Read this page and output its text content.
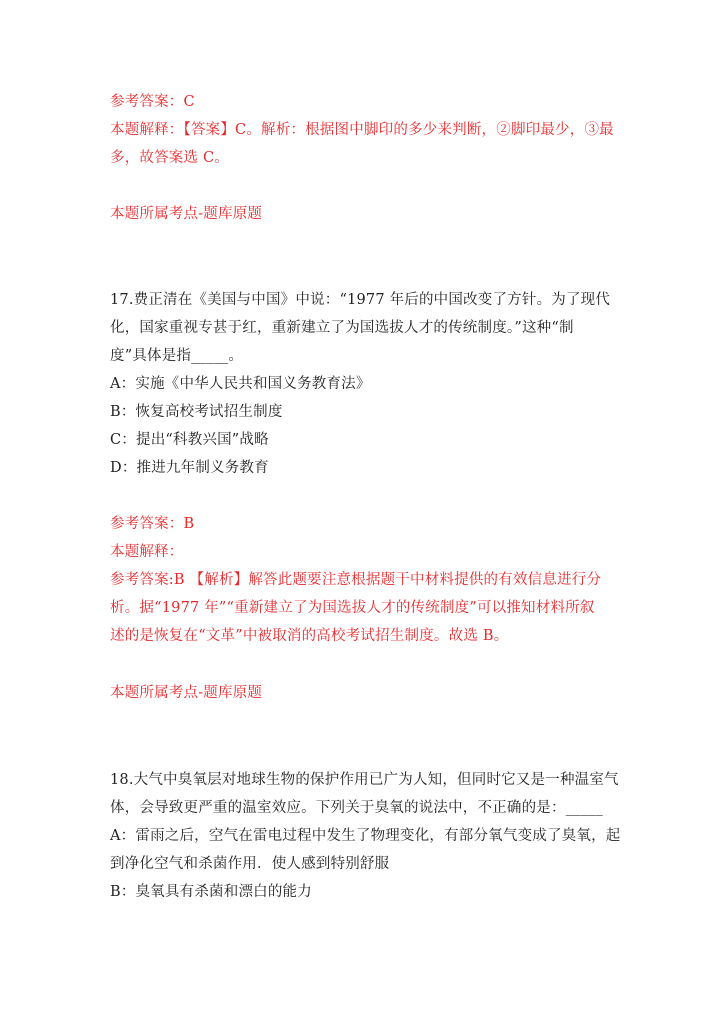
参考答案：C

本题解释：【答案】C。解析：根据图中脚印的多少来判断，②脚印最少，③最

多，故答案选 C。

本题所属考点-题库原题

17.费正清在《美国与中国》中说：“1977 年后的中国改变了方针。为了现代

化，国家重视专甚于红，重新建立了为国选拔人才的传统制度。”这种“制

度”具体是指_____。

A：实施《中华人民共和国义务教育法》

B：恢复高校考试招生制度

C：提出“科教兴国”战略

D：推进九年制义务教育

参考答案：B

本题解释：

参考答案:B 【解析】解答此题要注意根据题干中材料提供的有效信息进行分

析。据“1977 年”“重新建立了为国选拔人才的传统制度”可以推知材料所叙

述的是恢复在“文革”中被取消的高校考试招生制度。故选 B。

本题所属考点-题库原题

18.大气中臭氧层对地球生物的保护作用已广为人知，但同时它又是一种温室气

体，会导致更严重的温室效应。下列关于臭氧的说法中，不正确的是：_____

A：雷雨之后，空气在雷电过程中发生了物理变化，有部分氧气变成了臭氧，起

到净化空气和杀菌作用．使人感到特别舒服

B：臭氧具有杀菌和漂白的能力
